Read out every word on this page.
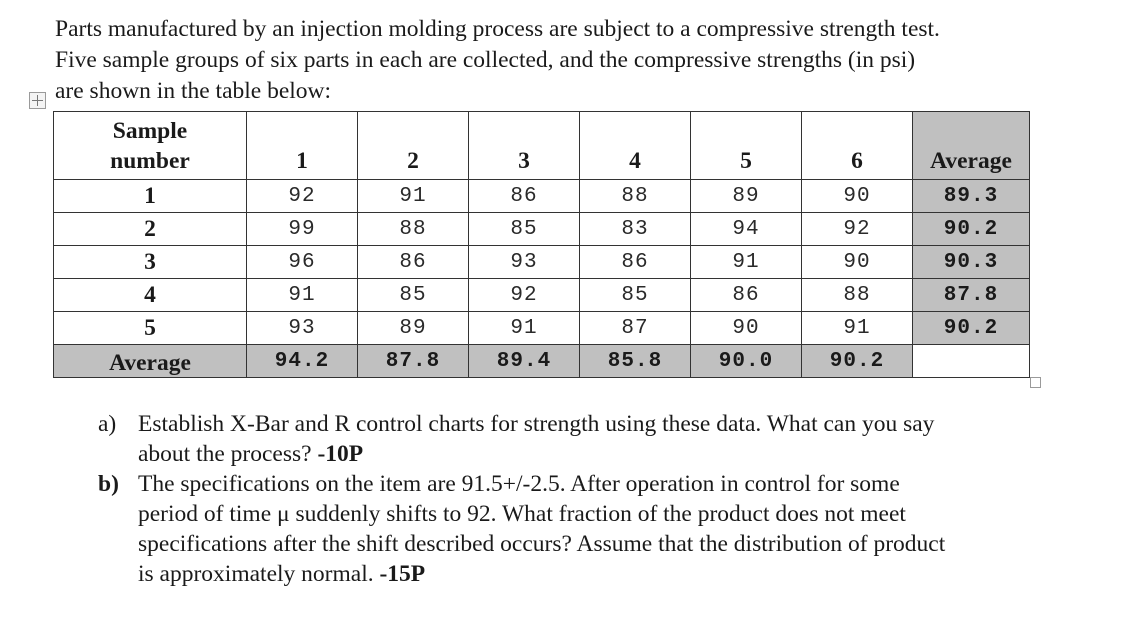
Parts manufactured by an injection molding process are subject to a compressive strength test.
Five sample groups of six parts in each are collected, and the compressive strengths (in psi)
are shown in the table below:
Sample
number	1	2	3	4	5	6	Average
1	92	91	86	88	89	90	89.3
2	99	88	85	83	94	92	90.2
3	96	86	93	86	91	90	90.3
4	91	85	92	85	86	88	87.8
5	93	89	91	87	90	91	90.2
Average	94.2	87.8	89.4	85.8	90.0	90.2	
a) Establish X-Bar and R control charts for strength using these data. What can you say
about the process? -10P
b) The specifications on the item are 91.5+/-2.5. After operation in control for some
period of time μ suddenly shifts to 92. What fraction of the product does not meet
specifications after the shift described occurs? Assume that the distribution of product
is approximately normal. -15P
